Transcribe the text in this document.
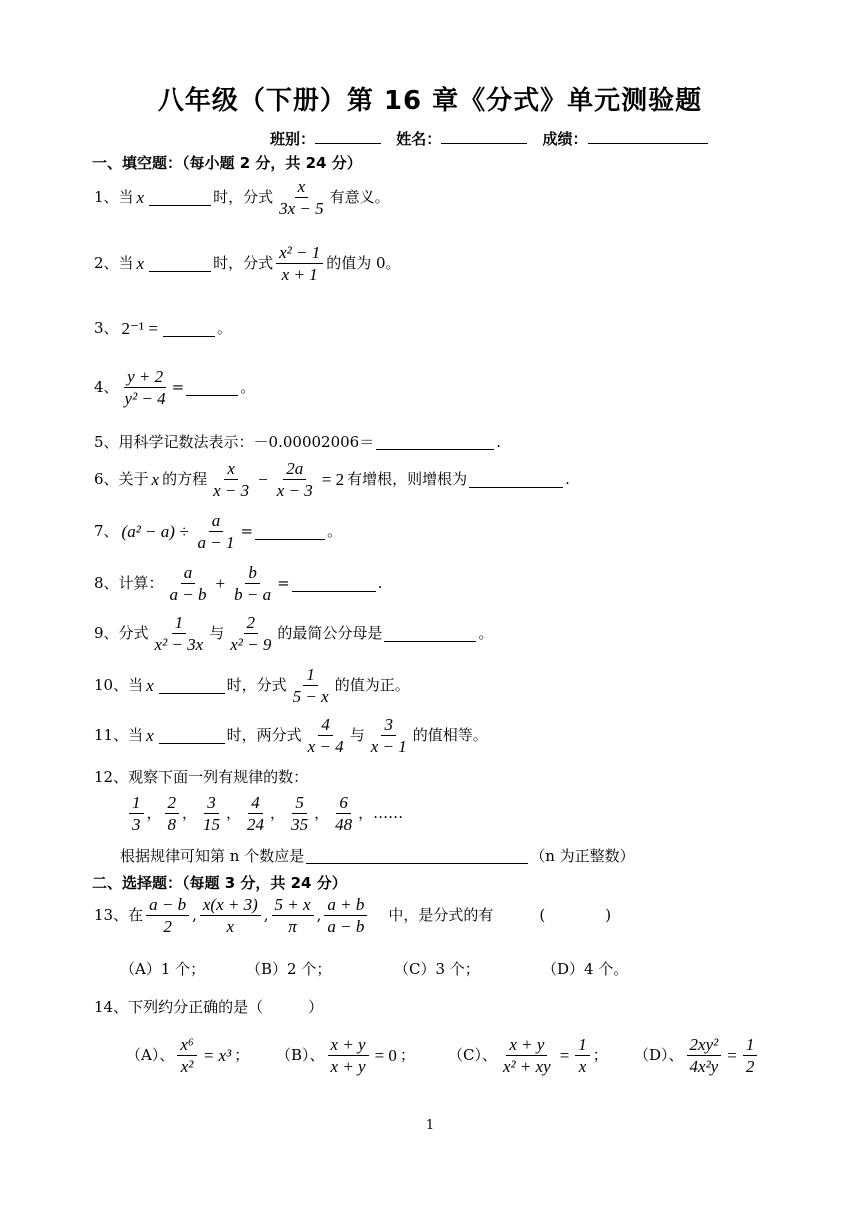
八年级（下册）第 16 章《分式》单元测验题
班别：	姓名：	成绩：
一、填空题：（每小题 2 分，共 24 分）
1、当 x	时，分式 $\frac{x}{3x - 5}$ 有意义。
2、当 x	时，分式 $\frac{\text{x² − 1}}{x + 1}$ 的值为 0。
3、 2⁻¹ =	。
4、 $\frac{y + 2}{\text{y² − 4}}$ =	。
5、用科学记数法表示：－0.00002006＝	.
6、关于 x 的方程 $\frac{x}{x - 3} - \frac{2a}{x - 3} = 2$ 有增根，则增根为	.
7、 $(a^2 - a) \div \frac{a}{a - 1}$ =	。
8、计算： $\frac{a}{a - b} + \frac{b}{b - a}$ =	.
9、分式 $\frac{1}{\text{x² − 3x}}$ 与 $\frac{2}{\text{x² − 9}}$ 的最简公分母是	。
10、当 x	时，分式 $\frac{1}{5 - x}$ 的值为正。
11、当 x	时，两分式 $\frac{4}{x - 4}$ 与 $\frac{3}{x - 1}$ 的值相等。
12、观察下面一列有规律的数：
$\frac{1}{3}$ ， $\frac{2}{8}$ ， $\frac{3}{15}$ ， $\frac{4}{24}$ ， $\frac{5}{35}$ ， $\frac{6}{48}$ ，……
根据规律可知第 n 个数应是	（n 为正整数）
二、选择题：（每题 3 分，共 24 分）
13、在 $\frac{a - b}{2}$ , $\frac{x(x + 3)}{x}$ , $\frac{5 + x}{\pi}$ , $\frac{a + b}{a - b}$ 中，是分式的有	(　　　　)
（A）1 个；	（B）2 个；	（C）3 个；	（D）4 个。
14、下列约分正确的是（　　　）
（A）、 $\frac{\text{x⁶}}{\text{x²}} = x^3$ ； （B）、 $\frac{x + y}{x + y} = 0$ ； （C）、 $\frac{x + y}{\text{x² + xy}} = \frac{1}{x}$ ； （D）、 $\frac{\text{2xy²}}{\text{4x²y}} = \frac{1}{2}$
1
